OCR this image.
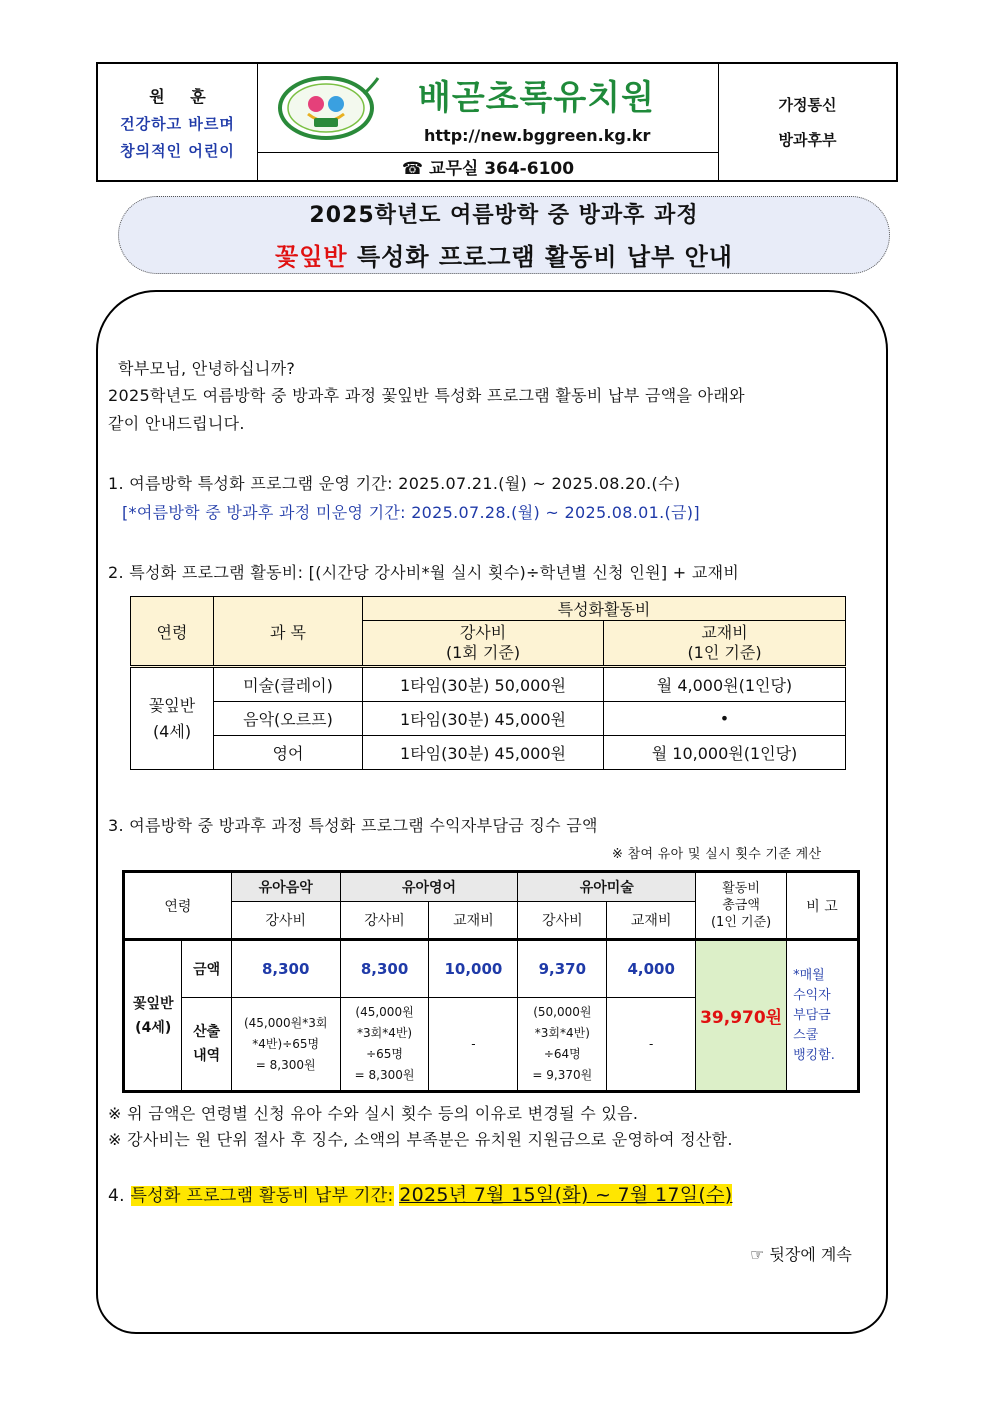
원 훈
건강하고 바르며
창의적인 어린이
배곧초록유치원
http://new.bggreen.kg.kr
☎ 교무실 364-6100
가정통신
방과후부
2025학년도 여름방학 중 방과후 과정
꽃잎반 특성화 프로그램 활동비 납부 안내
학부모님, 안녕하십니까?
2025학년도 여름방학 중 방과후 과정 꽃잎반 특성화 프로그램 활동비 납부 금액을 아래와
같이 안내드립니다.
1. 여름방학 특성화 프로그램 운영 기간: 2025.07.21.(월) ~ 2025.08.20.(수)
[*여름방학 중 방과후 과정 미운영 기간: 2025.07.28.(월) ~ 2025.08.01.(금)]
2. 특성화 프로그램 활동비: [(시간당 강사비*월 실시 횟수)÷학년별 신청 인원] + 교재비
연령	과 목	특성화활동비	
		강사비
(1회 기준)	교재비
(1인 기준)
꽃잎반
(4세)	미술(클레이)	1타임(30분) 50,000원	월 4,000원(1인당)
	음악(오르프)	1타임(30분) 45,000원	•
	영어	1타임(30분) 45,000원	월 10,000원(1인당)
3. 여름방학 중 방과후 과정 특성화 프로그램 수익자부담금 징수 금액
※ 참여 유아 및 실시 횟수 기준 계산
연령		유아음악	유아영어		유아미술		활동비
총금액
(1인 기준)	비 고
		강사비	강사비	교재비	강사비	교재비		
꽃잎반
(4세)	금액	8,300	8,300	10,000	9,370	4,000	39,970원	*매월
수익자
부담금
스쿨
뱅킹함.
	산출
내역	(45,000원*3회
*4반)÷65명
= 8,300원	(45,000원
*3회*4반)
÷65명
= 8,300원	-	(50,000원
*3회*4반)
÷64명
= 9,370원	-		
※ 위 금액은 연령별 신청 유아 수와 실시 횟수 등의 이유로 변경될 수 있음.
※ 강사비는 원 단위 절사 후 징수, 소액의 부족분은 유치원 지원금으로 운영하여 정산함.
4. 특성화 프로그램 활동비 납부 기간: 2025년 7월 15일(화) ~ 7월 17일(수)
☞ 뒷장에 계속
